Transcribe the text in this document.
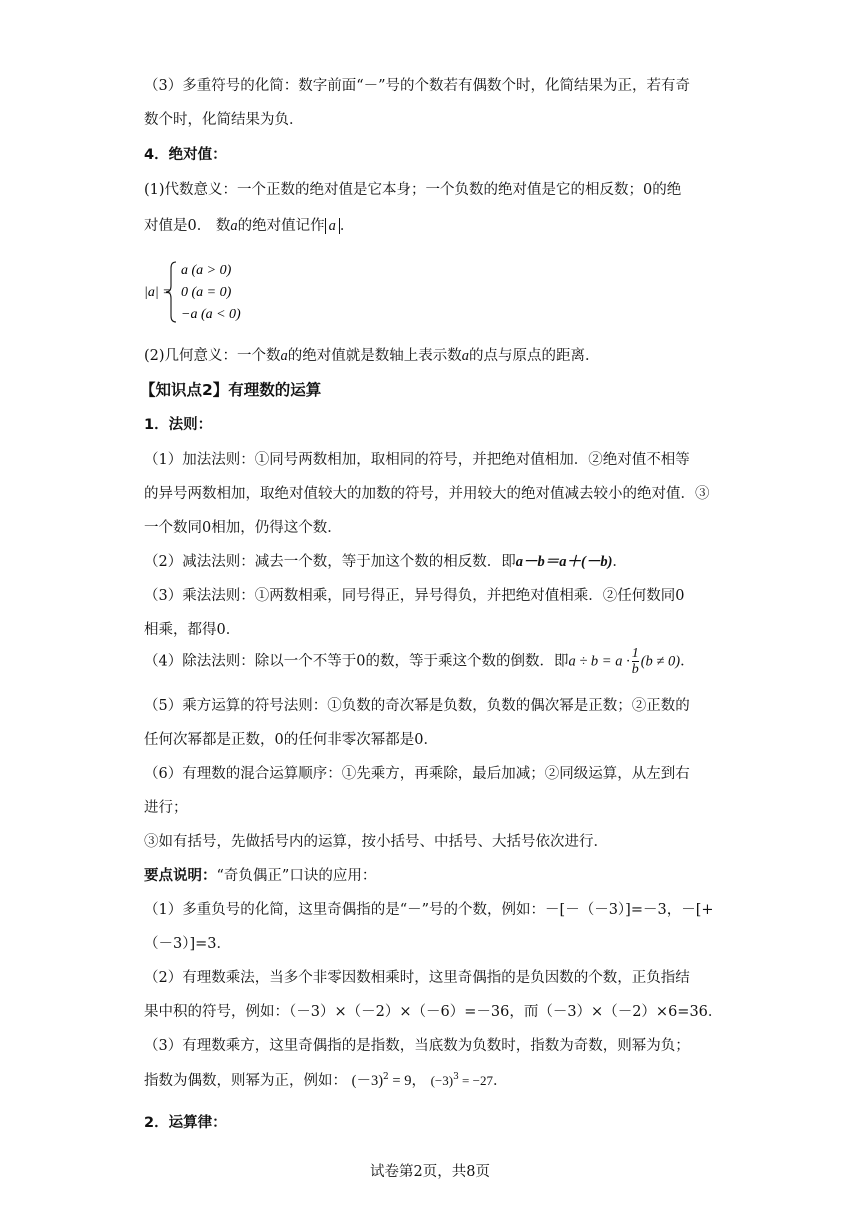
（3）多重符号的化简：数字前面“－”号的个数若有偶数个时，化简结果为正，若有奇
数个时，化简结果为负．
4．绝对值：
(1)代数意义：一个正数的绝对值是它本身；一个负数的绝对值是它的相反数；0的绝
对值是0． 数a的绝对值记作 a ．
|a| =
a (a > 0)
0 (a = 0)
−a (a < 0)
(2)几何意义：一个数a的绝对值就是数轴上表示数a的点与原点的距离．
【知识点2】有理数的运算
1．法则：
（1）加法法则：①同号两数相加，取相同的符号，并把绝对值相加．②绝对值不相等
的异号两数相加，取绝对值较大的加数的符号，并用较大的绝对值减去较小的绝对值．③
一个数同0相加，仍得这个数．
（2）减法法则：减去一个数，等于加这个数的相反数．即a－b＝a＋(－b)．
（3）乘法法则：①两数相乘，同号得正，异号得负，并把绝对值相乘．②任何数同0
相乘，都得0．
（4）除法法则：除以一个不等于0的数，等于乘这个数的倒数．即$a \div b = a \cdot \frac{1}{b} (b \ne 0)$．
（5）乘方运算的符号法则：①负数的奇次幂是负数，负数的偶次幂是正数；②正数的
任何次幂都是正数，0的任何非零次幂都是0．
（6）有理数的混合运算顺序：①先乘方，再乘除，最后加减；②同级运算，从左到右
进行；
③如有括号，先做括号内的运算，按小括号、中括号、大括号依次进行．
要点说明：“奇负偶正”口诀的应用：
（1）多重负号的化简，这里奇偶指的是“－”号的个数，例如：－[－（－3）]=－3，－[+
（－3）]=3．
（2）有理数乘法，当多个非零因数相乘时，这里奇偶指的是负因数的个数，正负指结
果中积的符号，例如：（－3）×（－2）×（－6）=－36，而（－3）×（－2）×6=36．
（3）有理数乘方，这里奇偶指的是指数，当底数为负数时，指数为奇数，则幂为负；
指数为偶数，则幂为正，例如： $(-3)^2 = 9$， $(-3)^3 = -27$．
2．运算律：
试卷第2页，共8页
